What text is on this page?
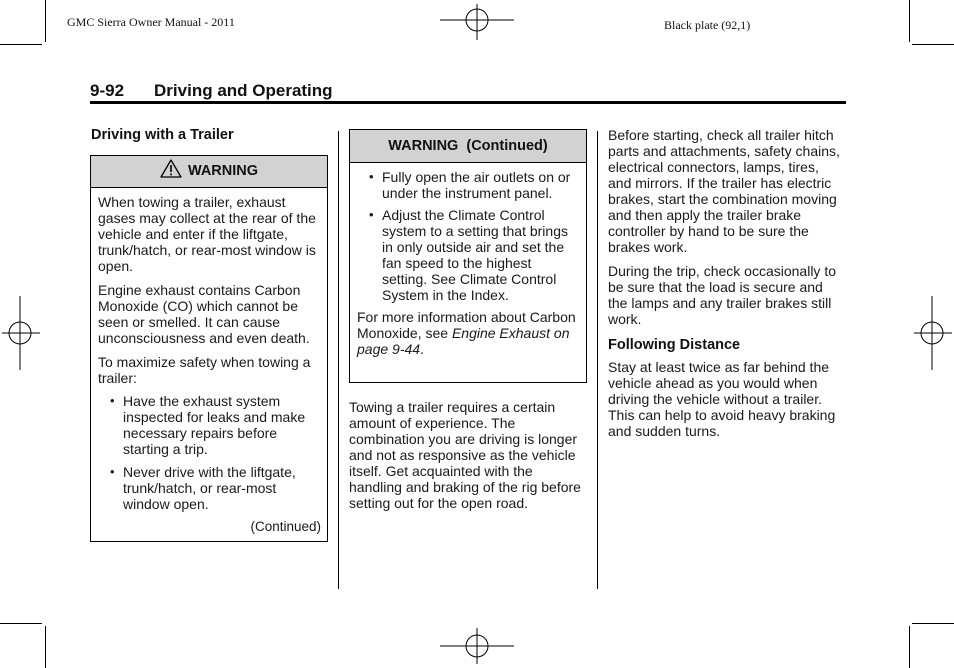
GMC Sierra Owner Manual - 2011	Black plate (92,1)
9-92 Driving and Operating
Driving with a Trailer
WARNING

When towing a trailer, exhaust gases may collect at the rear of the vehicle and enter if the liftgate, trunk/hatch, or rear-most window is open.

Engine exhaust contains Carbon Monoxide (CO) which cannot be seen or smelled. It can cause unconsciousness and even death.

To maximize safety when towing a trailer:

• Have the exhaust system inspected for leaks and make necessary repairs before starting a trip.
• Never drive with the liftgate, trunk/hatch, or rear-most window open.
(Continued)
WARNING  (Continued)
• Fully open the air outlets on or under the instrument panel.
• Adjust the Climate Control system to a setting that brings in only outside air and set the fan speed to the highest setting. See Climate Control System in the Index.

For more information about Carbon Monoxide, see Engine Exhaust on page 9-44.

Towing a trailer requires a certain amount of experience. The combination you are driving is longer and not as responsive as the vehicle itself. Get acquainted with the handling and braking of the rig before setting out for the open road.

Before starting, check all trailer hitch parts and attachments, safety chains, electrical connectors, lamps, tires, and mirrors. If the trailer has electric brakes, start the combination moving and then apply the trailer brake controller by hand to be sure the brakes work.

During the trip, check occasionally to be sure that the load is secure and the lamps and any trailer brakes still work.

Following Distance

Stay at least twice as far behind the vehicle ahead as you would when driving the vehicle without a trailer. This can help to avoid heavy braking and sudden turns.
